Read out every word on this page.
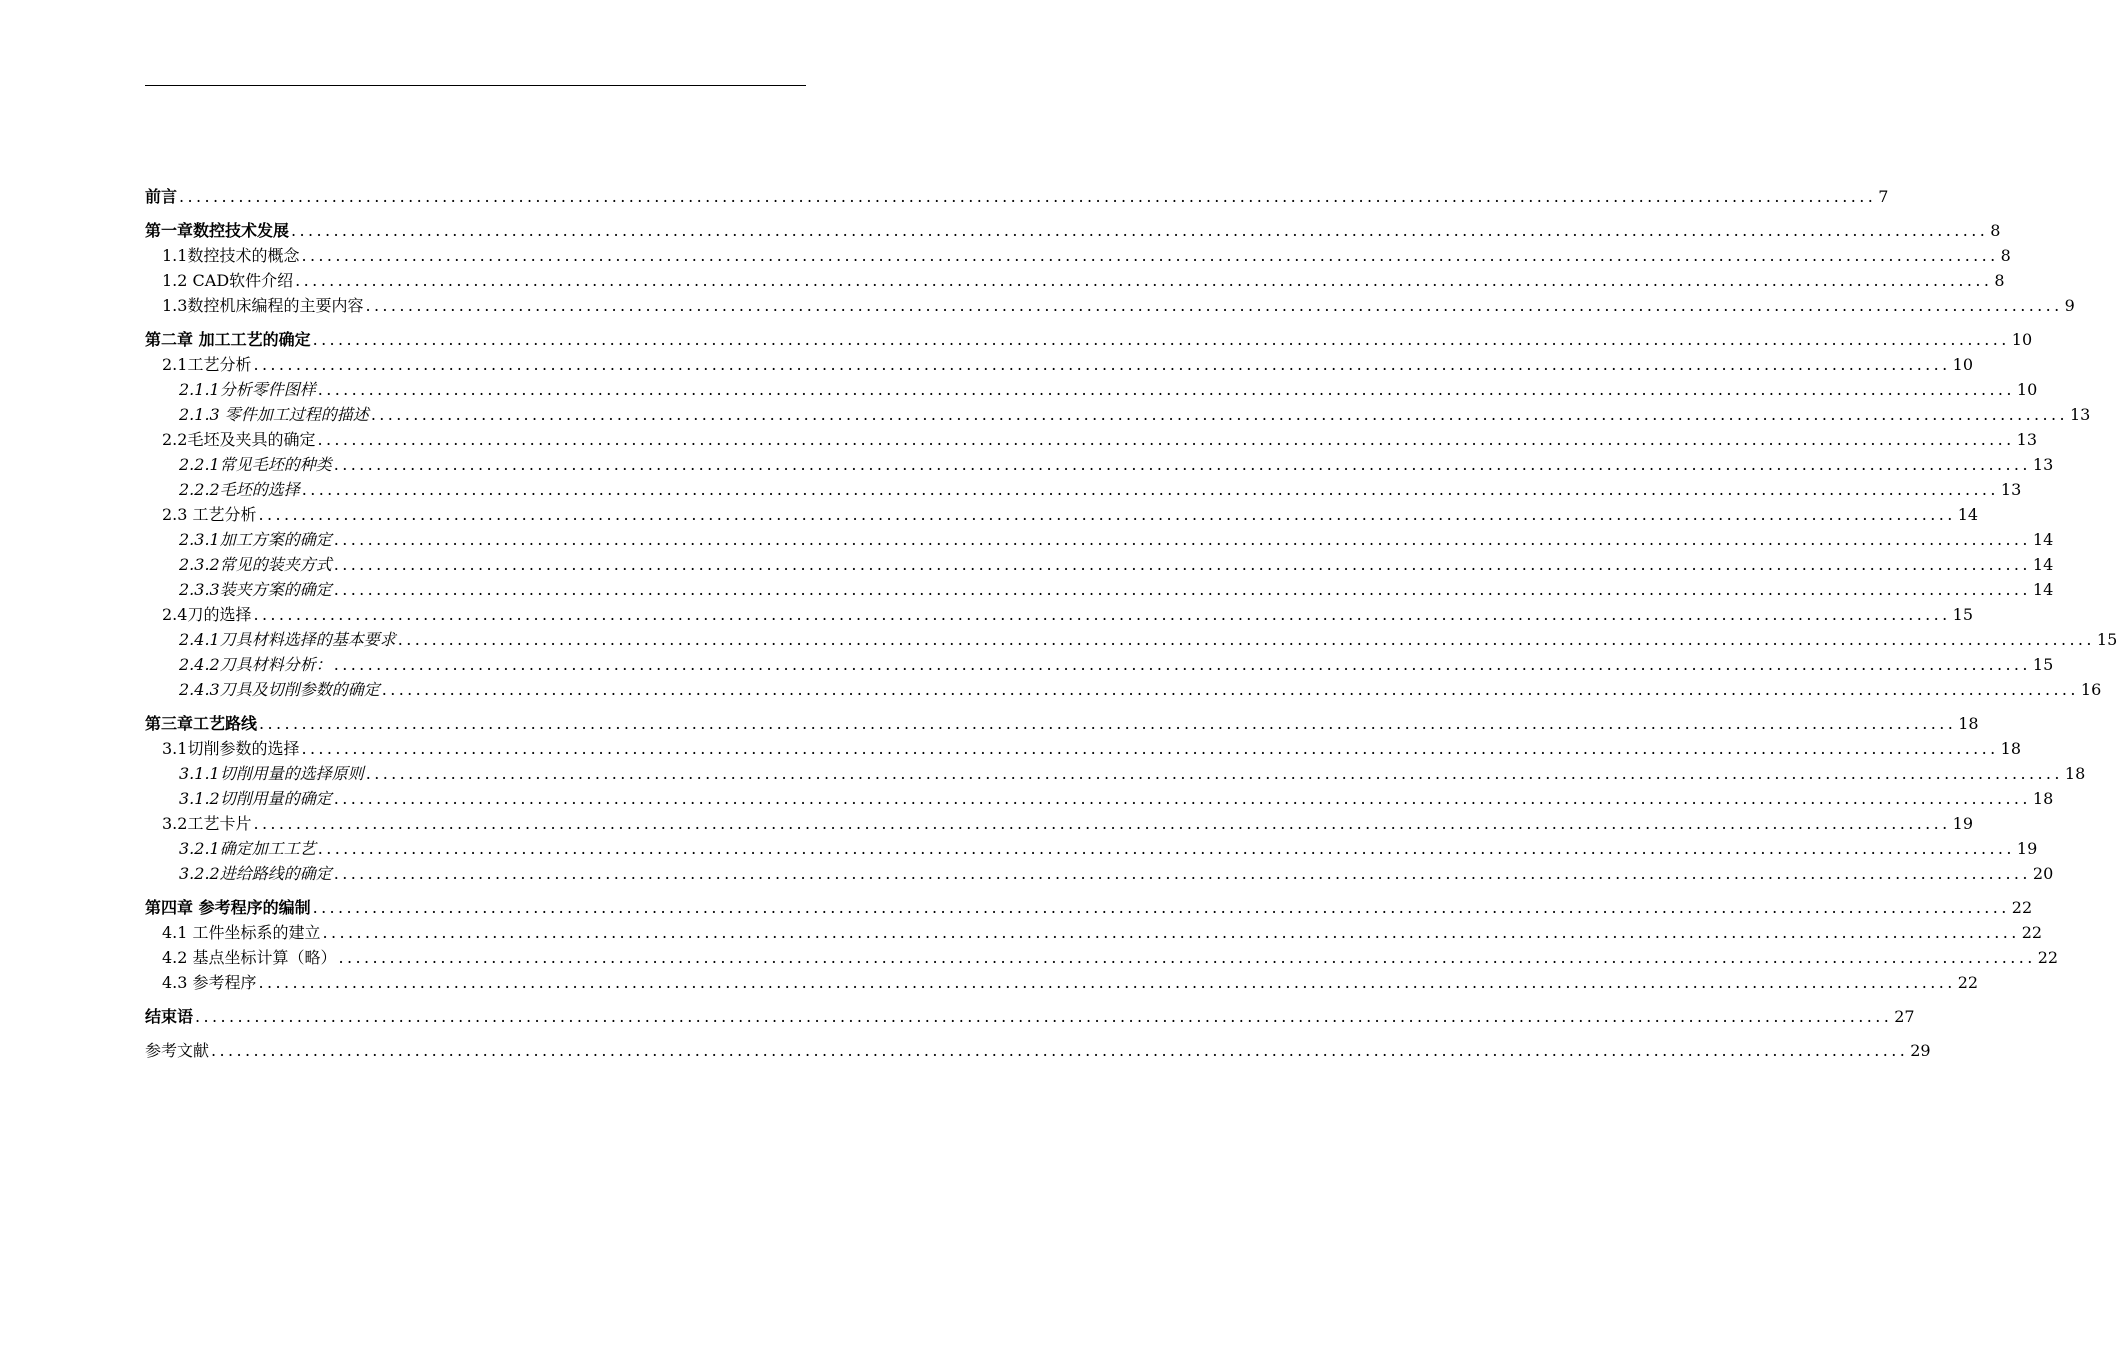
前言 ........................................................................................................................................................................................................ 7
第一章数控技术发展 ........................................................................................................................................................................................................ 8
1.1数控技术的概念 ........................................................................................................................................................................................................ 8
1.2 CAD软件介绍 ........................................................................................................................................................................................................ 8
1.3数控机床编程的主要内容 ........................................................................................................................................................................................................ 9
第二章 加工工艺的确定 ........................................................................................................................................................................................................ 10
2.1工艺分析 ........................................................................................................................................................................................................ 10
2.1.1分析零件图样 ........................................................................................................................................................................................................ 10
2.1.3 零件加工过程的描述 ........................................................................................................................................................................................................ 13
2.2毛坯及夹具的确定 ........................................................................................................................................................................................................ 13
2.2.1常见毛坯的种类 ........................................................................................................................................................................................................ 13
2.2.2毛坯的选择 ........................................................................................................................................................................................................ 13
2.3 工艺分析 ........................................................................................................................................................................................................ 14
2.3.1加工方案的确定 ........................................................................................................................................................................................................ 14
2.3.2常见的装夹方式 ........................................................................................................................................................................................................ 14
2.3.3装夹方案的确定 ........................................................................................................................................................................................................ 14
2.4刀的选择 ........................................................................................................................................................................................................ 15
2.4.1刀具材料选择的基本要求 ........................................................................................................................................................................................................ 15
2.4.2刀具材料分析： ........................................................................................................................................................................................................ 15
2.4.3刀具及切削参数的确定 ........................................................................................................................................................................................................ 16
第三章工艺路线 ........................................................................................................................................................................................................ 18
3.1切削参数的选择 ........................................................................................................................................................................................................ 18
3.1.1切削用量的选择原则 ........................................................................................................................................................................................................ 18
3.1.2切削用量的确定 ........................................................................................................................................................................................................ 18
3.2工艺卡片 ........................................................................................................................................................................................................ 19
3.2.1确定加工工艺 ........................................................................................................................................................................................................ 19
3.2.2进给路线的确定 ........................................................................................................................................................................................................ 20
第四章 参考程序的编制 ........................................................................................................................................................................................................ 22
4.1 工件坐标系的建立 ........................................................................................................................................................................................................ 22
4.2 基点坐标计算（略） ........................................................................................................................................................................................................ 22
4.3 参考程序 ........................................................................................................................................................................................................ 22
结束语 ........................................................................................................................................................................................................ 27
参考文献 ........................................................................................................................................................................................................ 29
